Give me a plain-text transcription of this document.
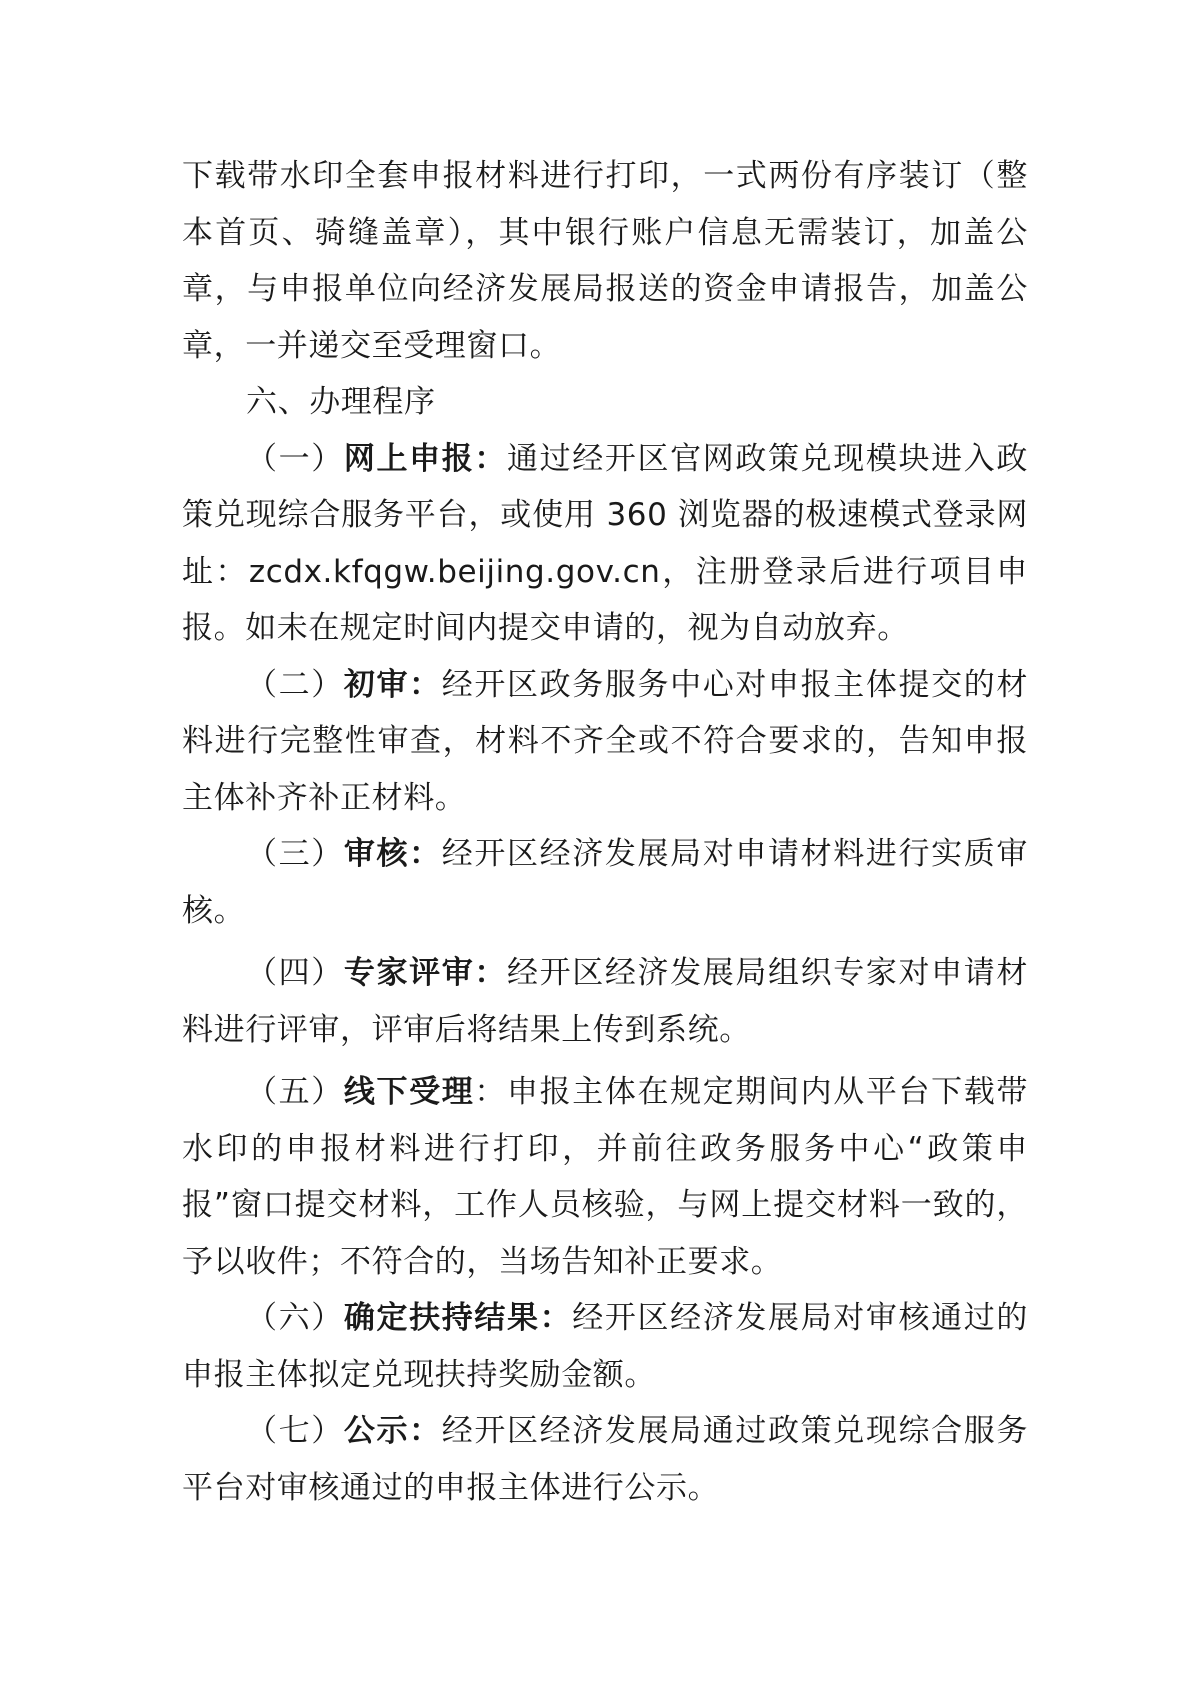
下载带水印全套申报材料进行打印，一式两份有序装订（整本首页、骑缝盖章），其中银行账户信息无需装订，加盖公章，与申报单位向经济发展局报送的资金申请报告，加盖公章，一并递交至受理窗口。

六、办理程序

（一）网上申报：通过经开区官网政策兑现模块进入政策兑现综合服务平台，或使用 360 浏览器的极速模式登录网址：zcdx.kfqgw.beijing.gov.cn，注册登录后进行项目申报。如未在规定时间内提交申请的，视为自动放弃。

（二）初审：经开区政务服务中心对申报主体提交的材料进行完整性审查，材料不齐全或不符合要求的，告知申报主体补齐补正材料。

（三）审核：经开区经济发展局对申请材料进行实质审核。

（四）专家评审：经开区经济发展局组织专家对申请材料进行评审，评审后将结果上传到系统。

（五）线下受理：申报主体在规定期间内从平台下载带水印的申报材料进行打印，并前往政务服务中心“政策申报”窗口提交材料，工作人员核验，与网上提交材料一致的，予以收件；不符合的，当场告知补正要求。

（六）确定扶持结果：经开区经济发展局对审核通过的申报主体拟定兑现扶持奖励金额。

（七）公示：经开区经济发展局通过政策兑现综合服务平台对审核通过的申报主体进行公示。
